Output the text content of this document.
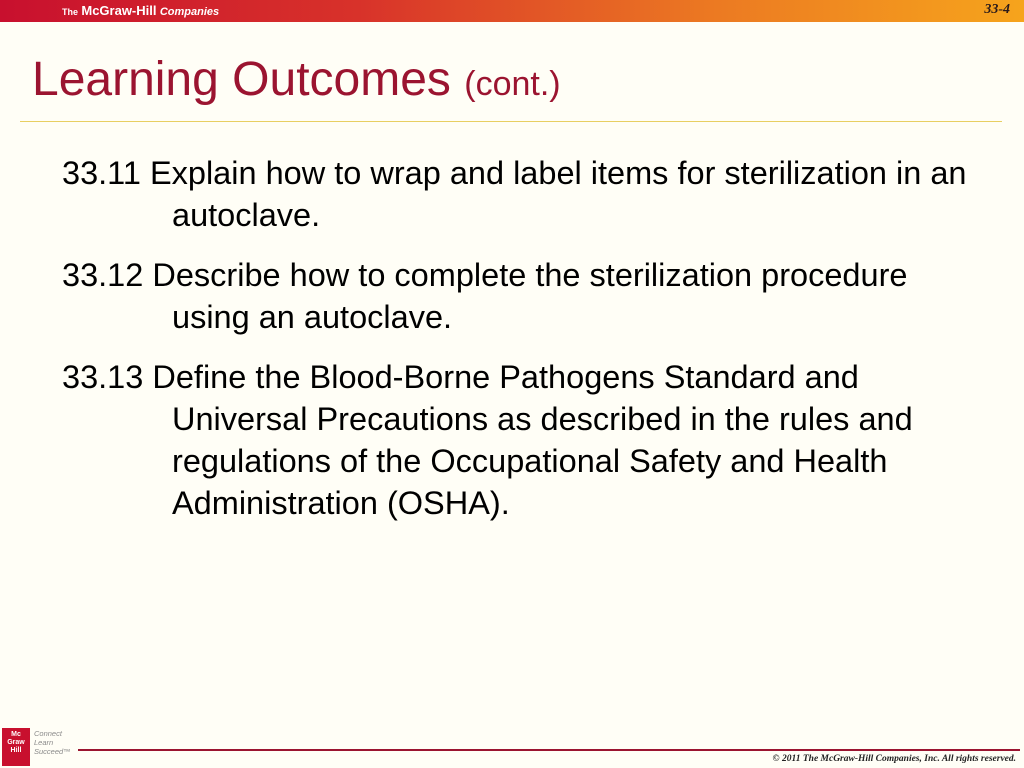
The McGraw-Hill Companies	33-4
Learning Outcomes (cont.)

33.11 Explain how to wrap and label items for sterilization in an autoclave.

33.12 Describe how to complete the sterilization procedure using an autoclave.

33.13 Define the Blood-Borne Pathogens Standard and Universal Precautions as described in the rules and regulations of the Occupational Safety and Health Administration (OSHA).

Mc
Graw
Hill
Connect
Learn
Succeed™
© 2011 The McGraw-Hill Companies, Inc. All rights reserved.
